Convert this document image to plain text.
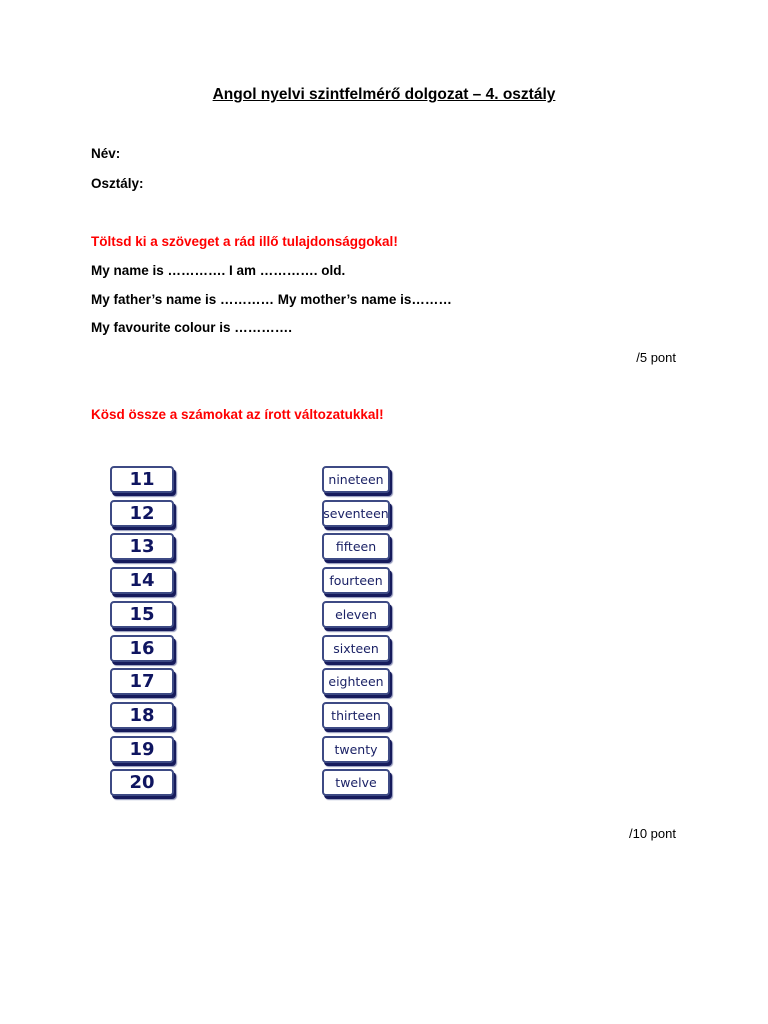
Angol nyelvi szintfelmérő dolgozat – 4. osztály
Név:
Osztály:
Töltsd ki a szöveget a rád illő tulajdonsággokal!
My name is …………. I am …………. old.
My father’s name is ………… My mother’s name is………
My favourite colour is ………….
/5 pont
Kösd össze a számokat az írott változatukkal!
11
12
13
14
15
16
17
18
19
20
nineteen
seventeen
fifteen
fourteen
eleven
sixteen
eighteen
thirteen
twenty
twelve
/10 pont
